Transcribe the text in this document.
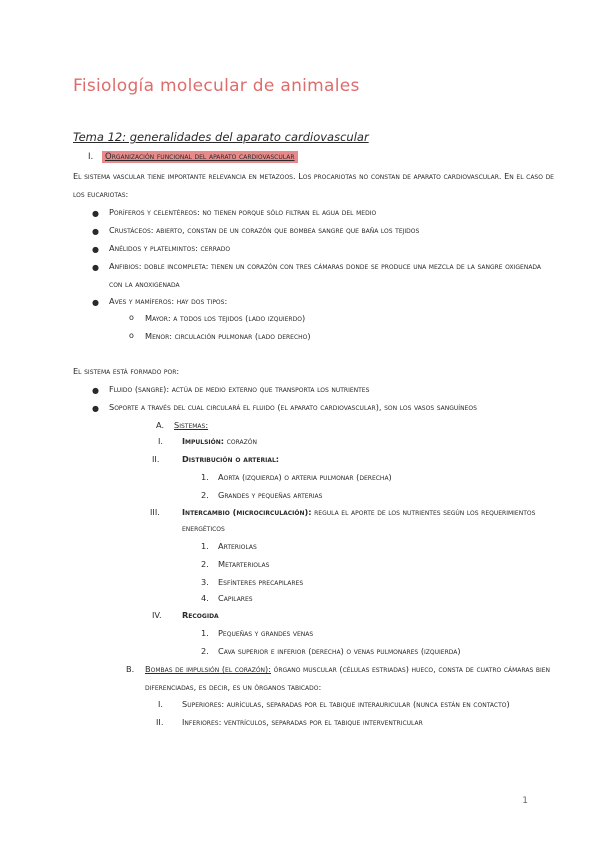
Fisiología molecular de animales
Tema 12: generalidades del aparato cardiovascular
I. Organización funcional del aparato cardiovascular
El sistema vascular tiene importante relevancia en metazoos. Los procariotas no constan de aparato cardiovascular. En el caso de
los eucariotas:
● Poríferos y celentéreos: no tienen porque sólo filtran el agua del medio
● Crustáceos: abierto, constan de un corazón que bombea sangre que baña los tejidos
● Anélidos y platelmintos: cerrado
● Anfibios: doble incompleta: tienen un corazón con tres cámaras donde se produce una mezcla de la sangre oxigenada
con la anoxigenada
● Aves y mamíferos: hay dos tipos:
o Mayor: a todos los tejidos (lado izquierdo)
o Menor: circulación pulmonar (lado derecho)
El sistema está formado por:
● Fluido (sangre): actúa de medio externo que transporta los nutrientes
● Soporte a través del cual circulará el fluido (el aparato cardiovascular), son los vasos sanguíneos
A. Sistemas:
I. Impulsión: corazón
II.	Distribución o arterial:
1. Aorta (izquierda) o arteria pulmonar (derecha)
2. Grandes y pequeñas arterias
III.	Intercambio (microcirculación): regula el aporte de los nutrientes según los requerimientos
energéticos
1. Arteriolas
2. Metarteriolas
3. Esfínteres precapilares
4. Capilares
IV. Recogida
1. Pequeñas y grandes venas
2. Cava superior e inferior (derecha) o venas pulmonares (izquierda)
B. Bombas de impulsión (el corazón): órgano muscular (células estriadas) hueco, consta de cuatro cámaras bien
diferenciadas, es decir, es un órganos tabicado:
I. Superiores: aurículas, separadas por el tabique interauricular (nunca están en contacto)
II. Inferiores: ventrículos, separadas por el tabique interventricular
1
